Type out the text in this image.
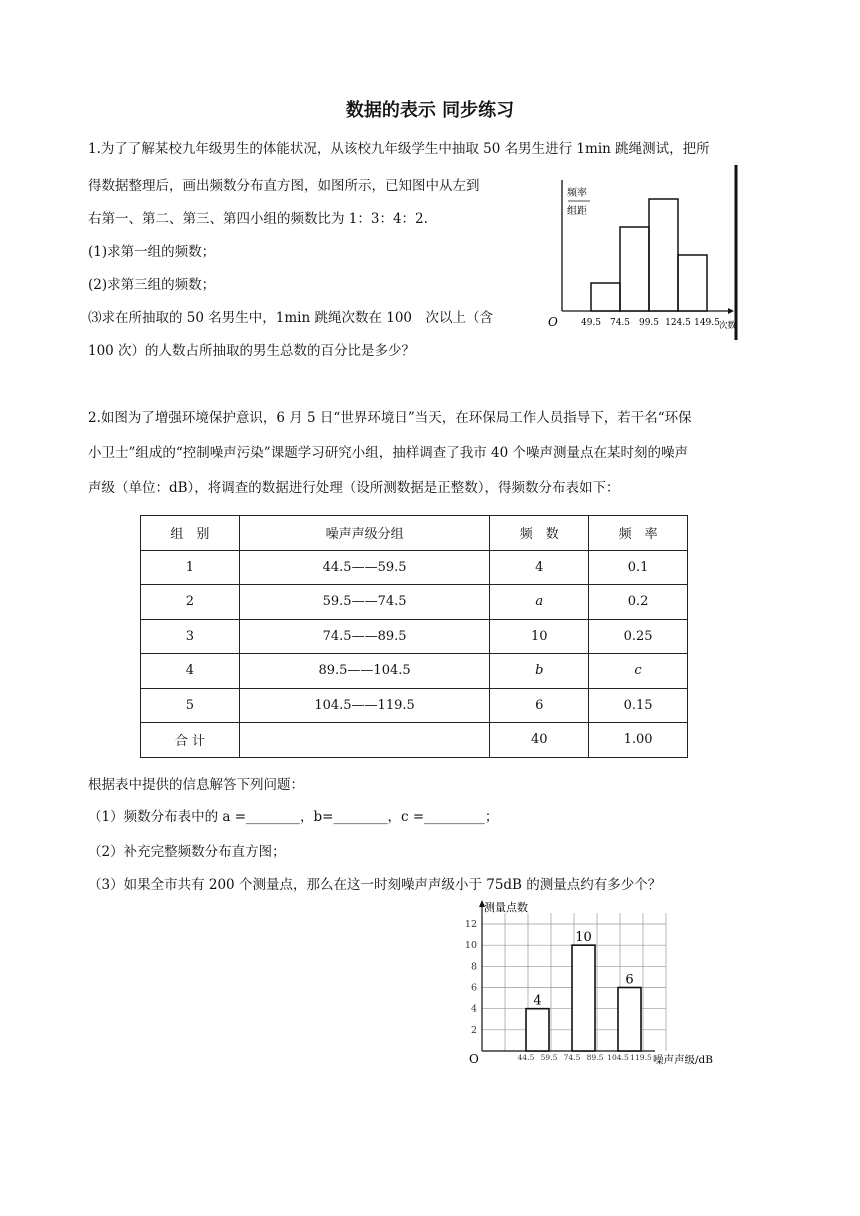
数据的表示 同步练习
1.为了了解某校九年级男生的体能状况，从该校九年级学生中抽取 50 名男生进行 1min 跳绳测试，把所
得数据整理后，画出频数分布直方图，如图所示，已知图中从左到
右第一、第二、第三、第四小组的频数比为 1：3：4：2.
(1)求第一组的频数；
(2)求第三组的频数；
⑶求在所抽取的 50 名男生中，1min 跳绳次数在 100　次以上（含
100 次）的人数占所抽取的男生总数的百分比是多少？
频率
组距
O	次数
49.5 74.5 99.5 124.5 149.5
2.如图为了增强环境保护意识，6 月 5 日“世界环境日”当天，在环保局工作人员指导下，若干名“环保
小卫士”组成的“控制噪声污染”课题学习研究小组，抽样调查了我市 40 个噪声测量点在某时刻的噪声
声级（单位：dB），将调查的数据进行处理（设所测数据是正整数），得频数分布表如下：
组　别	噪声声级分组	频　数	频　率
1	44.5——59.5	4	0.1
2	59.5——74.5	a	0.2
3	74.5——89.5	10	0.25
4	89.5——104.5	b	c
5	104.5——119.5	6	0.15
合 计		40	1.00
根据表中提供的信息解答下列问题：
（1）频数分布表中的 a =________，b=________，c =_________；
（2）补充完整频数分布直方图；
（3）如果全市共有 200 个测量点，那么在这一时刻噪声声级小于 75dB 的测量点约有多少个？
测量点数
O	噪声声级/dB
4
10
6
2
4
6
8
10
12
44.5 59.5 74.5 89.5 104.5 119.5
